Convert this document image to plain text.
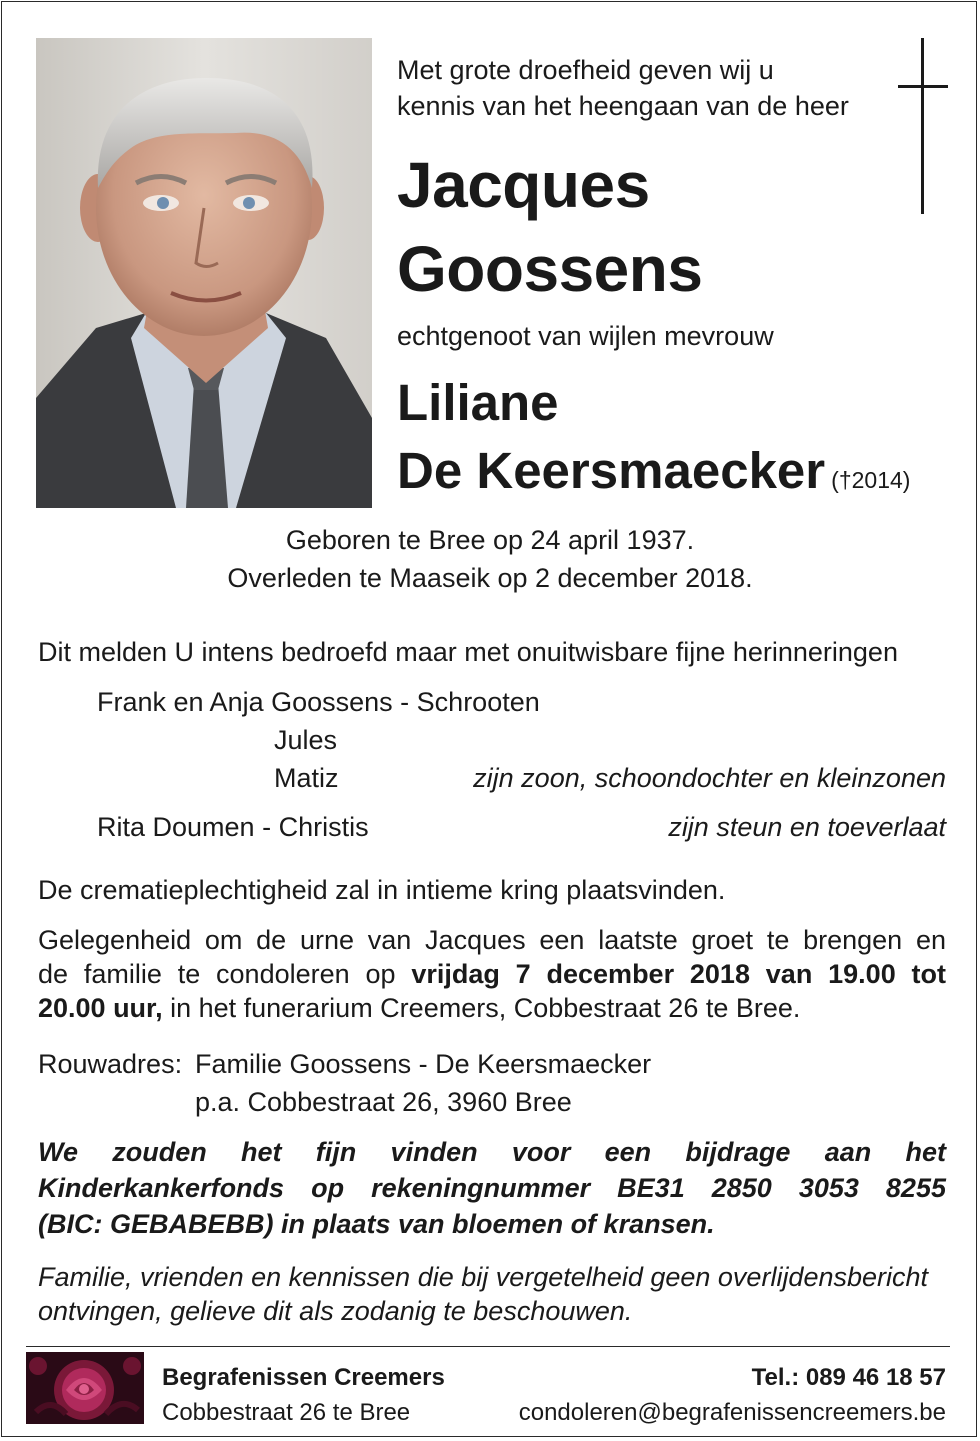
Met grote droefheid geven wij u
kennis van het heengaan van de heer
Jacques
Goossens
echtgenoot van wijlen mevrouw
Liliane
De Keersmaecker (†2014)
Geboren te Bree op 24 april 1937.
Overleden te Maaseik op 2 december 2018.
Dit melden U intens bedroefd maar met onuitwisbare fijne herinneringen
Frank en Anja Goossens - Schrooten
Jules
Matiz	zijn zoon, schoondochter en kleinzonen
Rita Doumen - Christis	zijn steun en toeverlaat
De crematieplechtigheid zal in intieme kring plaatsvinden.
Gelegenheid om de urne van Jacques een laatste groet te brengen en
de familie te condoleren op vrijdag 7 december 2018 van 19.00 tot
20.00 uur, in het funerarium Creemers, Cobbestraat 26 te Bree.
Rouwadres: Familie Goossens - De Keersmaecker
p.a. Cobbestraat 26, 3960 Bree
We zouden het fijn vinden voor een bijdrage aan het
Kinderkankerfonds op rekeningnummer BE31 2850 3053 8255
(BIC: GEBABEBB) in plaats van bloemen of kransen.
Familie, vrienden en kennissen die bij vergetelheid geen overlijdensbericht
ontvingen, gelieve dit als zodanig te beschouwen.
Begrafenissen Creemers
Cobbestraat 26 te Bree
Tel.: 089 46 18 57
condoleren@begrafenissencreemers.be
